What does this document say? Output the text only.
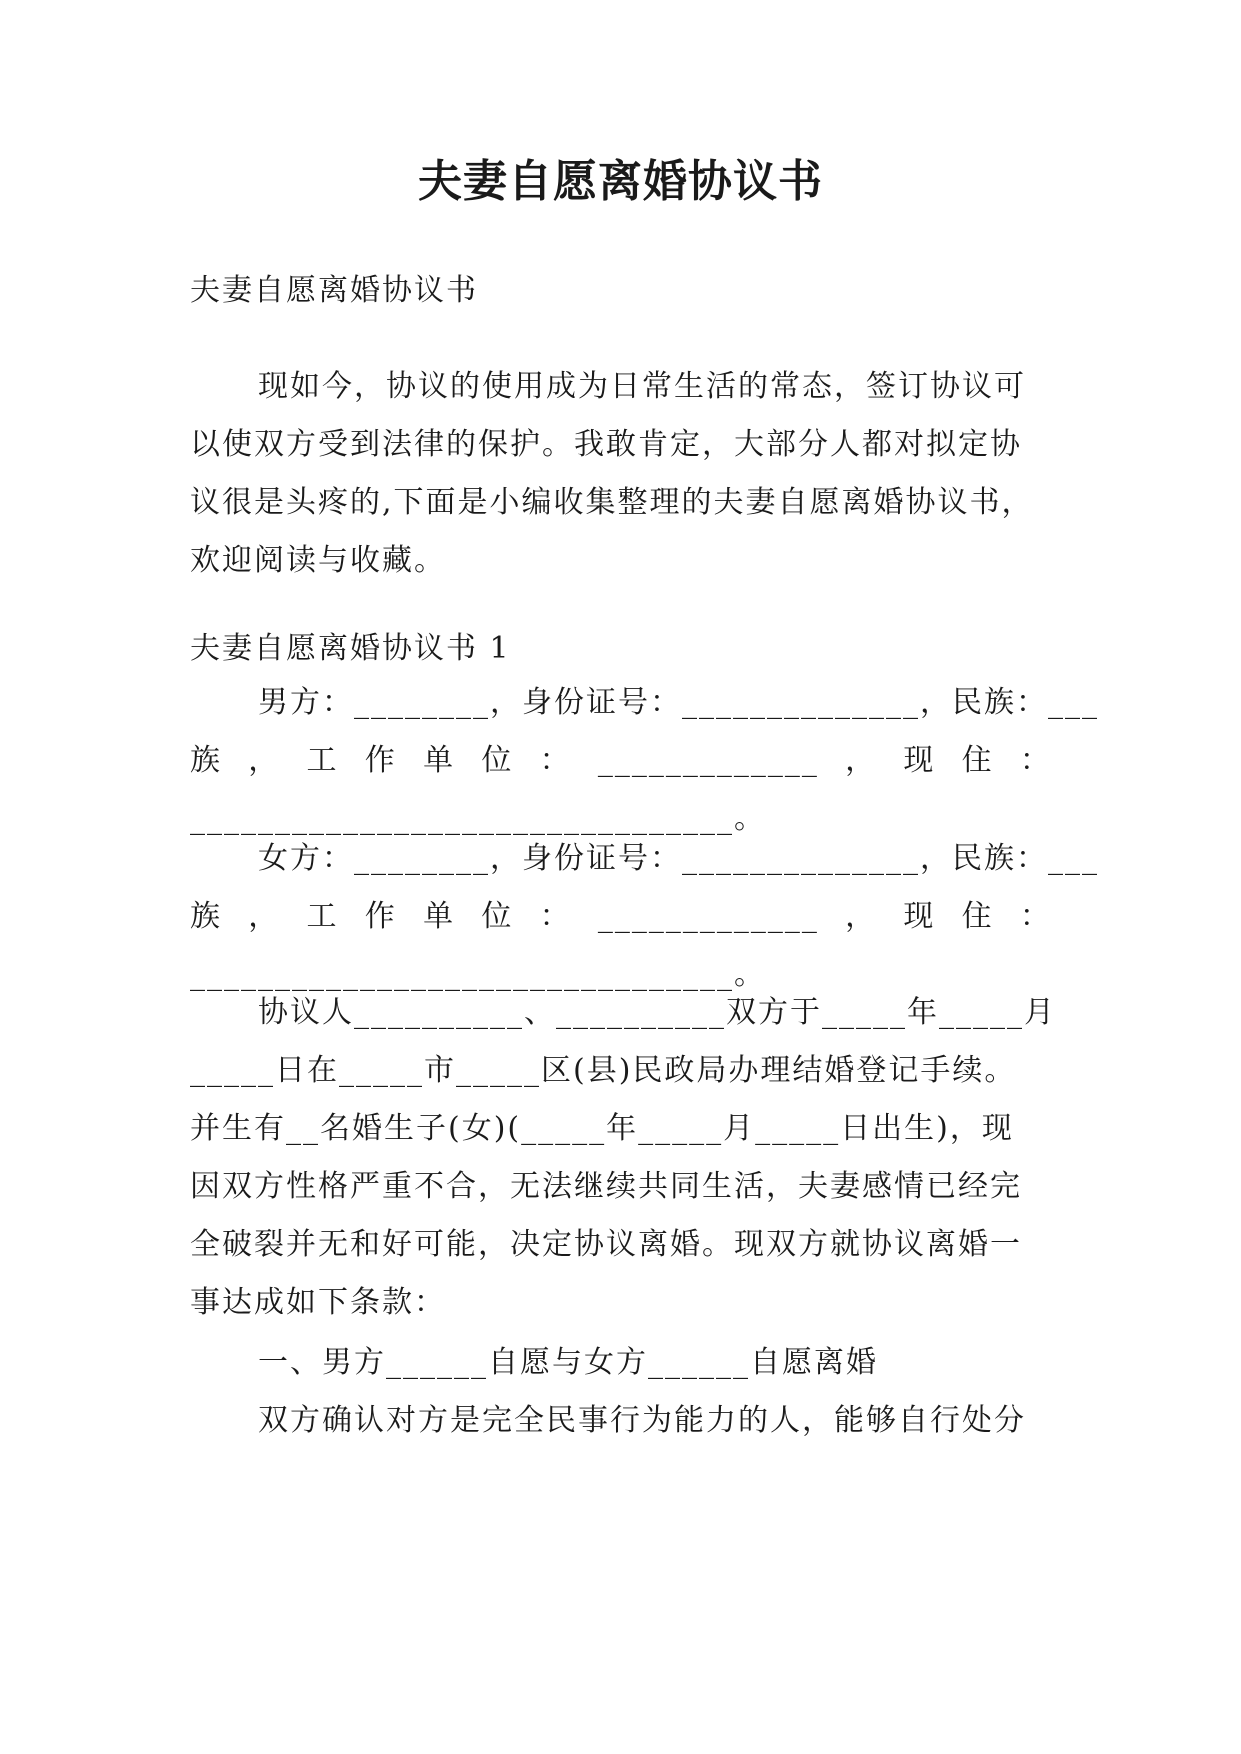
夫妻自愿离婚协议书
夫妻自愿离婚协议书
现如今，协议的使用成为日常生活的常态，签订协议可
以使双方受到法律的保护。我敢肯定，大部分人都对拟定协
议很是头疼的,下面是小编收集整理的夫妻自愿离婚协议书，
欢迎阅读与收藏。
夫妻自愿离婚协议书 1
男方：________，身份证号：______________，民族：___
族 ， 工 作 单 位 ： _____________ ， 现 住 ：
________________________________。
女方：________，身份证号：______________，民族：___
族 ， 工 作 单 位 ： _____________ ， 现 住 ：
________________________________。
协议人__________、__________双方于_____年_____月
_____日在_____市_____区(县)民政局办理结婚登记手续。
并生有__名婚生子(女)(_____年_____月_____日出生)，现
因双方性格严重不合，无法继续共同生活，夫妻感情已经完
全破裂并无和好可能，决定协议离婚。现双方就协议离婚一
事达成如下条款：
一、男方______自愿与女方______自愿离婚
双方确认对方是完全民事行为能力的人，能够自行处分
